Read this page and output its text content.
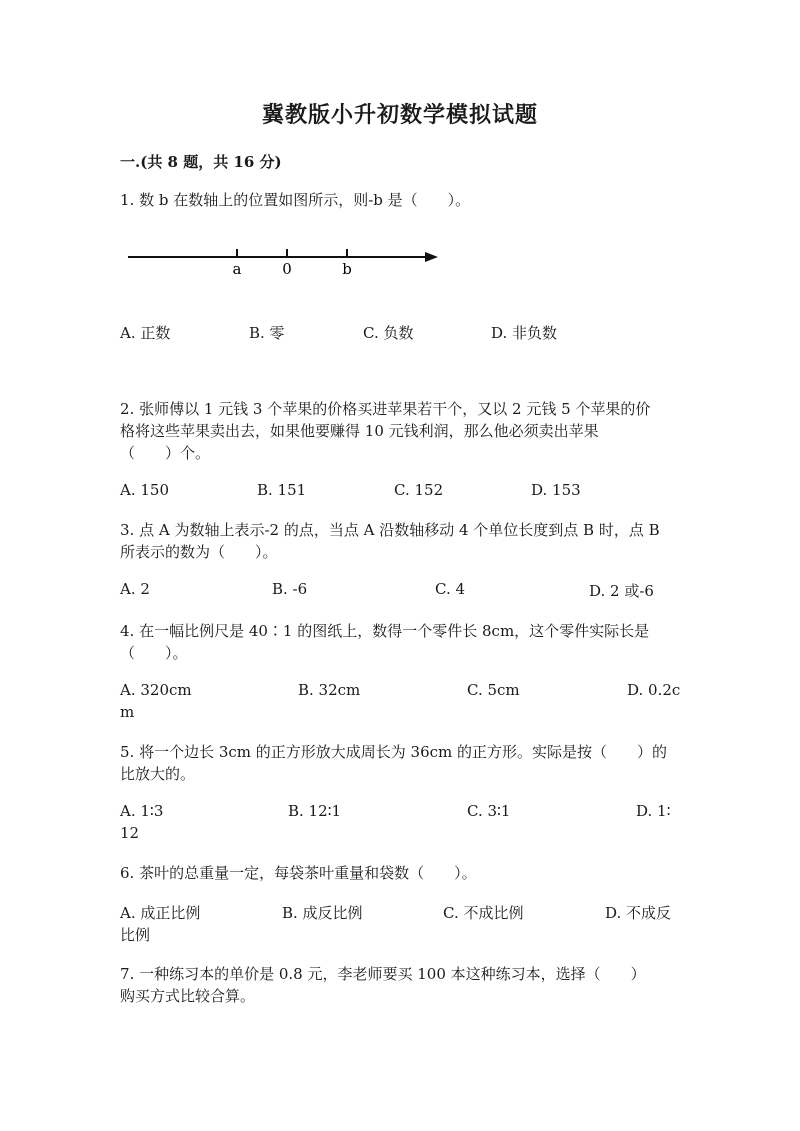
冀教版小升初数学模拟试题
一.(共 8 题，共 16 分)
1. 数 b 在数轴上的位置如图所示，则-b 是（　　）。
a	0	b
A. 正数	B. 零	C. 负数	D. 非负数
2. 张师傅以 1 元钱 3 个苹果的价格买进苹果若干个，又以 2 元钱 5 个苹果的价
格将这些苹果卖出去，如果他要赚得 10 元钱利润，那么他必须卖出苹果
（　　）个。
A. 150	B. 151	C. 152	D. 153
3. 点 A 为数轴上表示-2 的点，当点 A 沿数轴移动 4 个单位长度到点 B 时，点 B
所表示的数为（　　）。
A. 2	B. -6	C. 4	D. 2 或-6
4. 在一幅比例尺是 40∶1 的图纸上，数得一个零件长 8cm，这个零件实际长是
（　　）。
A. 320cm	B. 32cm	C. 5cm	D. 0.2c
m
5. 将一个边长 3cm 的正方形放大成周长为 36cm 的正方形。实际是按（　　）的
比放大的。
A. 1∶3	B. 12∶1	C. 3∶1	D. 1∶
12
6. 茶叶的总重量一定，每袋茶叶重量和袋数（　　）。
A. 成正比例	B. 成反比例	C. 不成比例	D. 不成反
比例
7. 一种练习本的单价是 0.8 元，李老师要买 100 本这种练习本，选择（　　）
购买方式比较合算。
